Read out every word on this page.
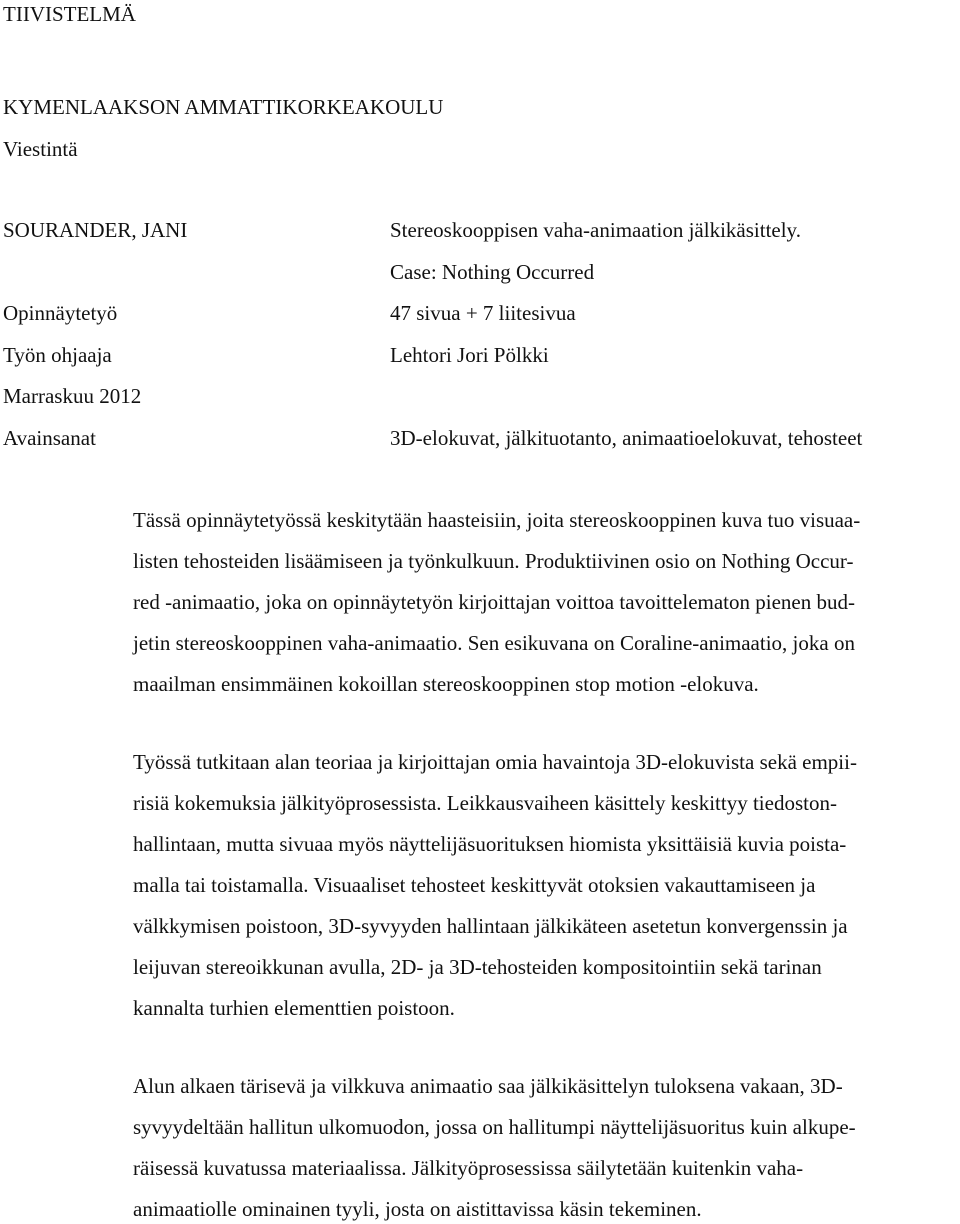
TIIVISTELMÄ
KYMENLAAKSON AMMATTIKORKEAKOULU
Viestintä
SOURANDER, JANI	Stereoskooppisen vaha-animaation jälkikäsittely.
Case: Nothing Occurred
Opinnäytetyö	47 sivua + 7 liitesivua
Työn ohjaaja	Lehtori Jori Pölkki
Marraskuu 2012
Avainsanat	3D-elokuvat, jälkituotanto, animaatioelokuvat, tehosteet
Tässä opinnäytetyössä keskitytään haasteisiin, joita stereoskooppinen kuva tuo visuaa-
listen tehosteiden lisäämiseen ja työnkulkuun. Produktiivinen osio on Nothing Occur-
red -animaatio, joka on opinnäytetyön kirjoittajan voittoa tavoittelematon pienen bud-
jetin stereoskooppinen vaha-animaatio. Sen esikuvana on Coraline-animaatio, joka on
maailman ensimmäinen kokoillan stereoskooppinen stop motion -elokuva.
Työssä tutkitaan alan teoriaa ja kirjoittajan omia havaintoja 3D-elokuvista sekä empii-
risiä kokemuksia jälkityöprosessista. Leikkausvaiheen käsittely keskittyy tiedoston-
hallintaan, mutta sivuaa myös näyttelijäsuorituksen hiomista yksittäisiä kuvia poista-
malla tai toistamalla. Visuaaliset tehosteet keskittyvät otoksien vakauttamiseen ja
välkkymisen poistoon, 3D-syvyyden hallintaan jälkikäteen asetetun konvergenssin ja
leijuvan stereoikkunan avulla, 2D- ja 3D-tehosteiden kompositointiin sekä tarinan
kannalta turhien elementtien poistoon.
Alun alkaen tärisevä ja vilkkuva animaatio saa jälkikäsittelyn tuloksena vakaan, 3D-
syvyydeltään hallitun ulkomuodon, jossa on hallitumpi näyttelijäsuoritus kuin alkupe-
räisessä kuvatussa materiaalissa. Jälkityöprosessissa säilytetään kuitenkin vaha-
animaatiolle ominainen tyyli, josta on aistittavissa käsin tekeminen.
